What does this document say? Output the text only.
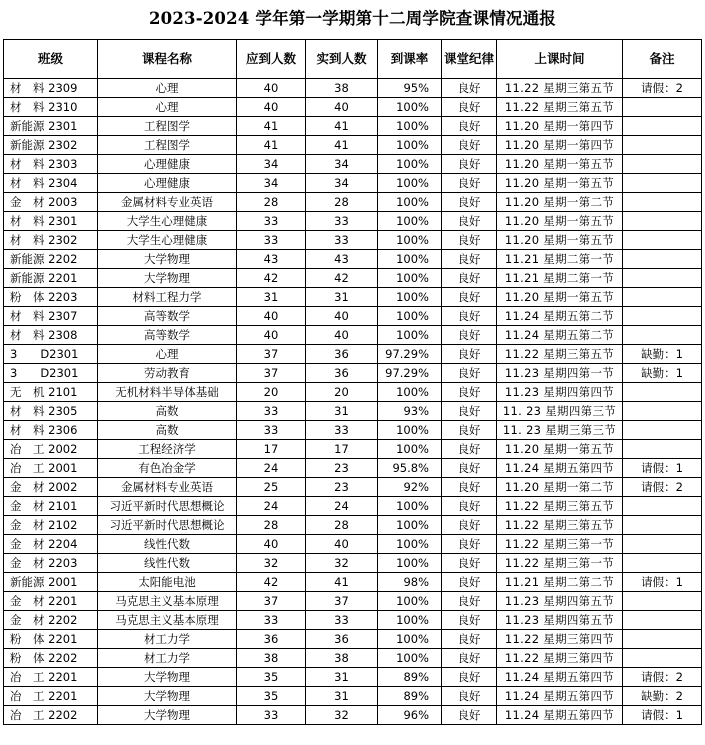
2023-2024 学年第一学期第十二周学院查课情况通报
班级	课程名称	应到人数	实到人数	到课率	课堂纪律	上课时间	备注
材　料 2309	心理	40	38	95%	良好	11.22 星期三第五节	请假：2
材　料 2310	心理	40	40	100%	良好	11.22 星期三第五节	
新能源 2301	工程图学	41	41	100%	良好	11.20 星期一第四节	
新能源 2302	工程图学	41	41	100%	良好	11.20 星期一第四节	
材　料 2303	心理健康	34	34	100%	良好	11.20 星期一第五节	
材　料 2304	心理健康	34	34	100%	良好	11.20 星期一第五节	
金　材 2003	金属材料专业英语	28	28	100%	良好	11.20 星期一第二节	
材　料 2301	大学生心理健康	33	33	100%	良好	11.20 星期一第五节	
材　料 2302	大学生心理健康	33	33	100%	良好	11.20 星期一第五节	
新能源 2202	大学物理	43	43	100%	良好	11.21 星期二第一节	
新能源 2201	大学物理	42	42	100%	良好	11.21 星期二第一节	
粉　体 2203	材料工程力学	31	31	100%	良好	11.20 星期一第五节	
材　料 2307	高等数学	40	40	100%	良好	11.24 星期五第二节	
材　料 2308	高等数学	40	40	100%	良好	11.24 星期五第二节	
3　　D2301	心理	37	36	97.29%	良好	11.22 星期三第五节	缺勤：1
3　　D2301	劳动教育	37	36	97.29%	良好	11.23 星期四第一节	缺勤：1
无　机 2101	无机材料半导体基础	20	20	100%	良好	11.23 星期四第四节	
材　料 2305	高数	33	31	93%	良好	11. 23 星期四第三节	
材　料 2306	高数	33	33	100%	良好	11. 23 星期三第三节	
冶　工 2002	工程经济学	17	17	100%	良好	11.20 星期一第五节	
冶　工 2001	有色冶金学	24	23	95.8%	良好	11.24 星期五第四节	请假：1
金　材 2002	金属材料专业英语	25	23	92%	良好	11.20 星期一第二节	请假：2
金　材 2101	习近平新时代思想概论	24	24	100%	良好	11.22 星期三第五节	
金　材 2102	习近平新时代思想概论	28	28	100%	良好	11.22 星期三第五节	
金　材 2204	线性代数	40	40	100%	良好	11.22 星期三第一节	
金　材 2203	线性代数	32	32	100%	良好	11.22 星期三第一节	
新能源 2001	太阳能电池	42	41	98%	良好	11.21 星期二第二节	请假：1
金　材 2201	马克思主义基本原理	37	37	100%	良好	11.23 星期四第五节	
金　材 2202	马克思主义基本原理	33	33	100%	良好	11.23 星期四第五节	
粉　体 2201	材工力学	36	36	100%	良好	11.22 星期三第四节	
粉　体 2202	材工力学	38	38	100%	良好	11.22 星期三第四节	
冶　工 2201	大学物理	35	31	89%	良好	11.24 星期五第四节	请假：2
冶　工 2201	大学物理	35	31	89%	良好	11.24 星期五第四节	缺勤：2
冶　工 2202	大学物理	33	32	96%	良好	11.24 星期五第四节	请假：1
